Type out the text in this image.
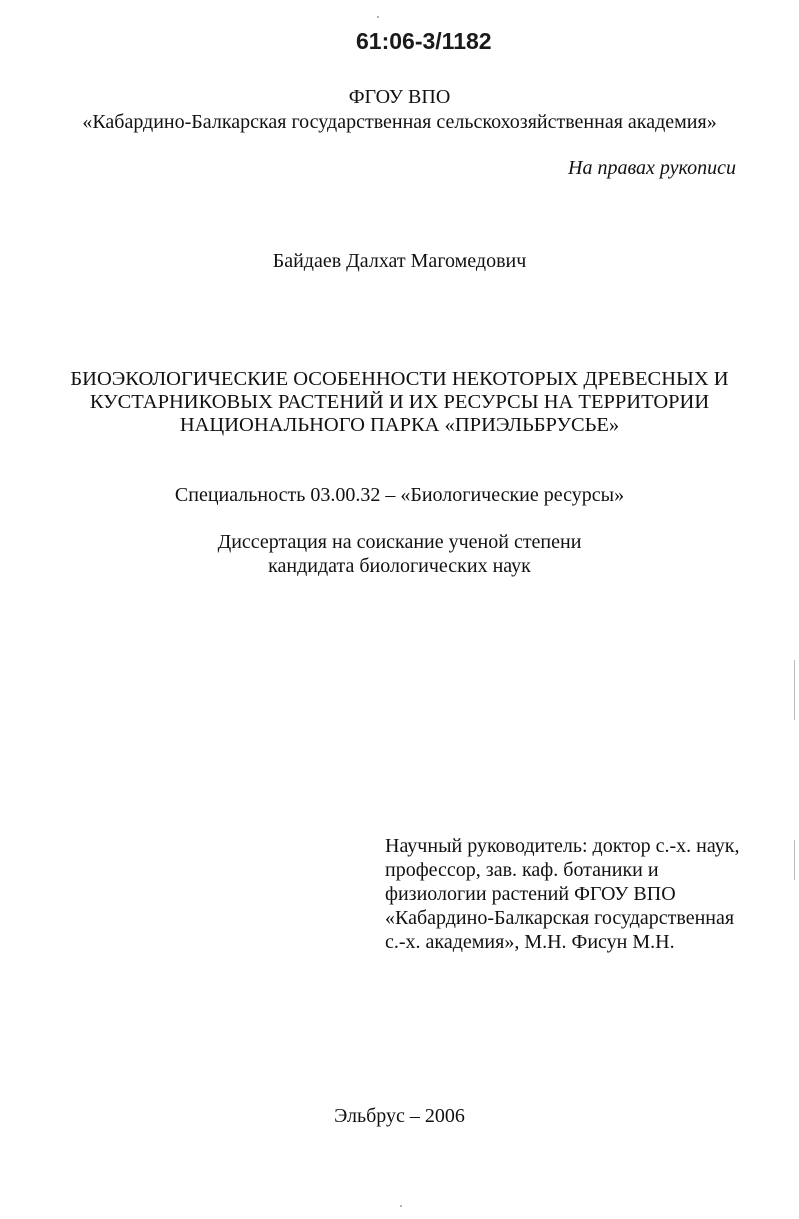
61:06-3/1182
ФГОУ ВПО
«Кабардино-Балкарская государственная сельскохозяйственная академия»
На правах рукописи
Байдаев Далхат Магомедович
БИОЭКОЛОГИЧЕСКИЕ ОСОБЕННОСТИ НЕКОТОРЫХ ДРЕВЕСНЫХ И
КУСТАРНИКОВЫХ РАСТЕНИЙ И ИХ РЕСУРСЫ НА ТЕРРИТОРИИ
НАЦИОНАЛЬНОГО ПАРКА «ПРИЭЛЬБРУСЬЕ»
Специальность 03.00.32 – «Биологические ресурсы»
Диссертация на соискание ученой степени
кандидата биологических наук
Научный руководитель: доктор с.-х. наук,
профессор, зав. каф. ботаники и
физиологии растений ФГОУ ВПО
«Кабардино-Балкарская государственная
с.-х. академия», М.Н. Фисун М.Н.
Эльбрус – 2006
